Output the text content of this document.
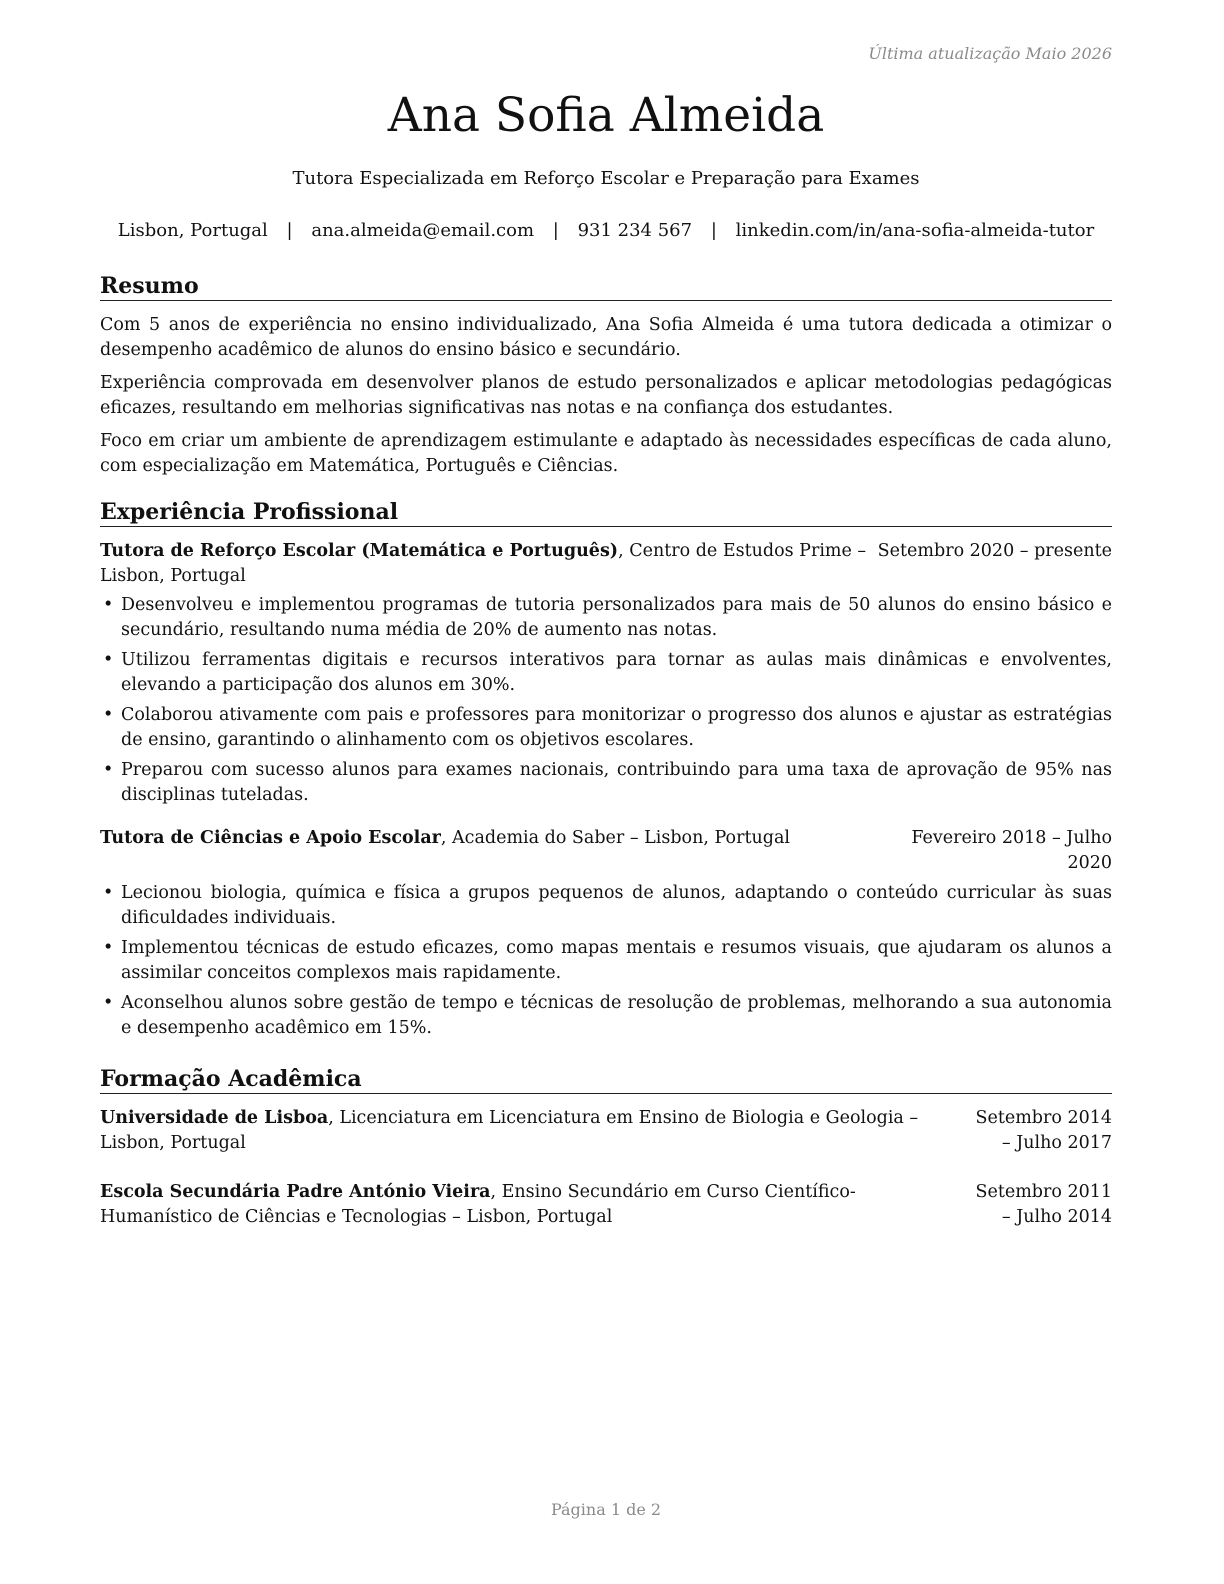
Última atualização Maio 2026
Ana Sofia Almeida
Tutora Especializada em Reforço Escolar e Preparação para Exames
Lisbon, Portugal | ana.almeida@email.com | 931 234 567 | linkedin.com/in/ana-sofia-almeida-tutor
Resumo

Com 5 anos de experiência no ensino individualizado, Ana Sofia Almeida é uma tutora dedicada a otimizar o desempenho acadêmico de alunos do ensino básico e secundário.

Experiência comprovada em desenvolver planos de estudo personalizados e aplicar metodologias pedagógicas eficazes, resultando em melhorias significativas nas notas e na confiança dos estudantes.

Foco em criar um ambiente de aprendizagem estimulante e adaptado às necessidades específicas de cada aluno, com especialização em Matemática, Português e Ciências.

Experiência Profissional
Tutora de Reforço Escolar (Matemática e Português), Centro de Estudos Prime – Lisbon, Portugal
Setembro 2020 – presente
• Desenvolveu e implementou programas de tutoria personalizados para mais de 50 alunos do ensino básico e secundário, resultando numa média de 20% de aumento nas notas.
• Utilizou ferramentas digitais e recursos interativos para tornar as aulas mais dinâmicas e envolventes, elevando a participação dos alunos em 30%.
• Colaborou ativamente com pais e professores para monitorizar o progresso dos alunos e ajustar as estratégias de ensino, garantindo o alinhamento com os objetivos escolares.
• Preparou com sucesso alunos para exames nacionais, contribuindo para uma taxa de aprovação de 95% nas disciplinas tuteladas.
Tutora de Ciências e Apoio Escolar, Academia do Saber – Lisbon, Portugal	Fevereiro 2018 – Julho 2020
• Lecionou biologia, química e física a grupos pequenos de alunos, adaptando o conteúdo curricular às suas dificuldades individuais.
• Implementou técnicas de estudo eficazes, como mapas mentais e resumos visuais, que ajudaram os alunos a assimilar conceitos complexos mais rapidamente.
• Aconselhou alunos sobre gestão de tempo e técnicas de resolução de problemas, melhorando a sua autonomia e desempenho acadêmico em 15%.
Formação Acadêmica
Universidade de Lisboa, Licenciatura em Licenciatura em Ensino de Biologia e Geologia – Lisbon, Portugal
Setembro 2014 – Julho 2017
Escola Secundária Padre António Vieira, Ensino Secundário em Curso Científico-Humanístico de Ciências e Tecnologias – Lisbon, Portugal
Setembro 2011 – Julho 2014
Página 1 de 2
